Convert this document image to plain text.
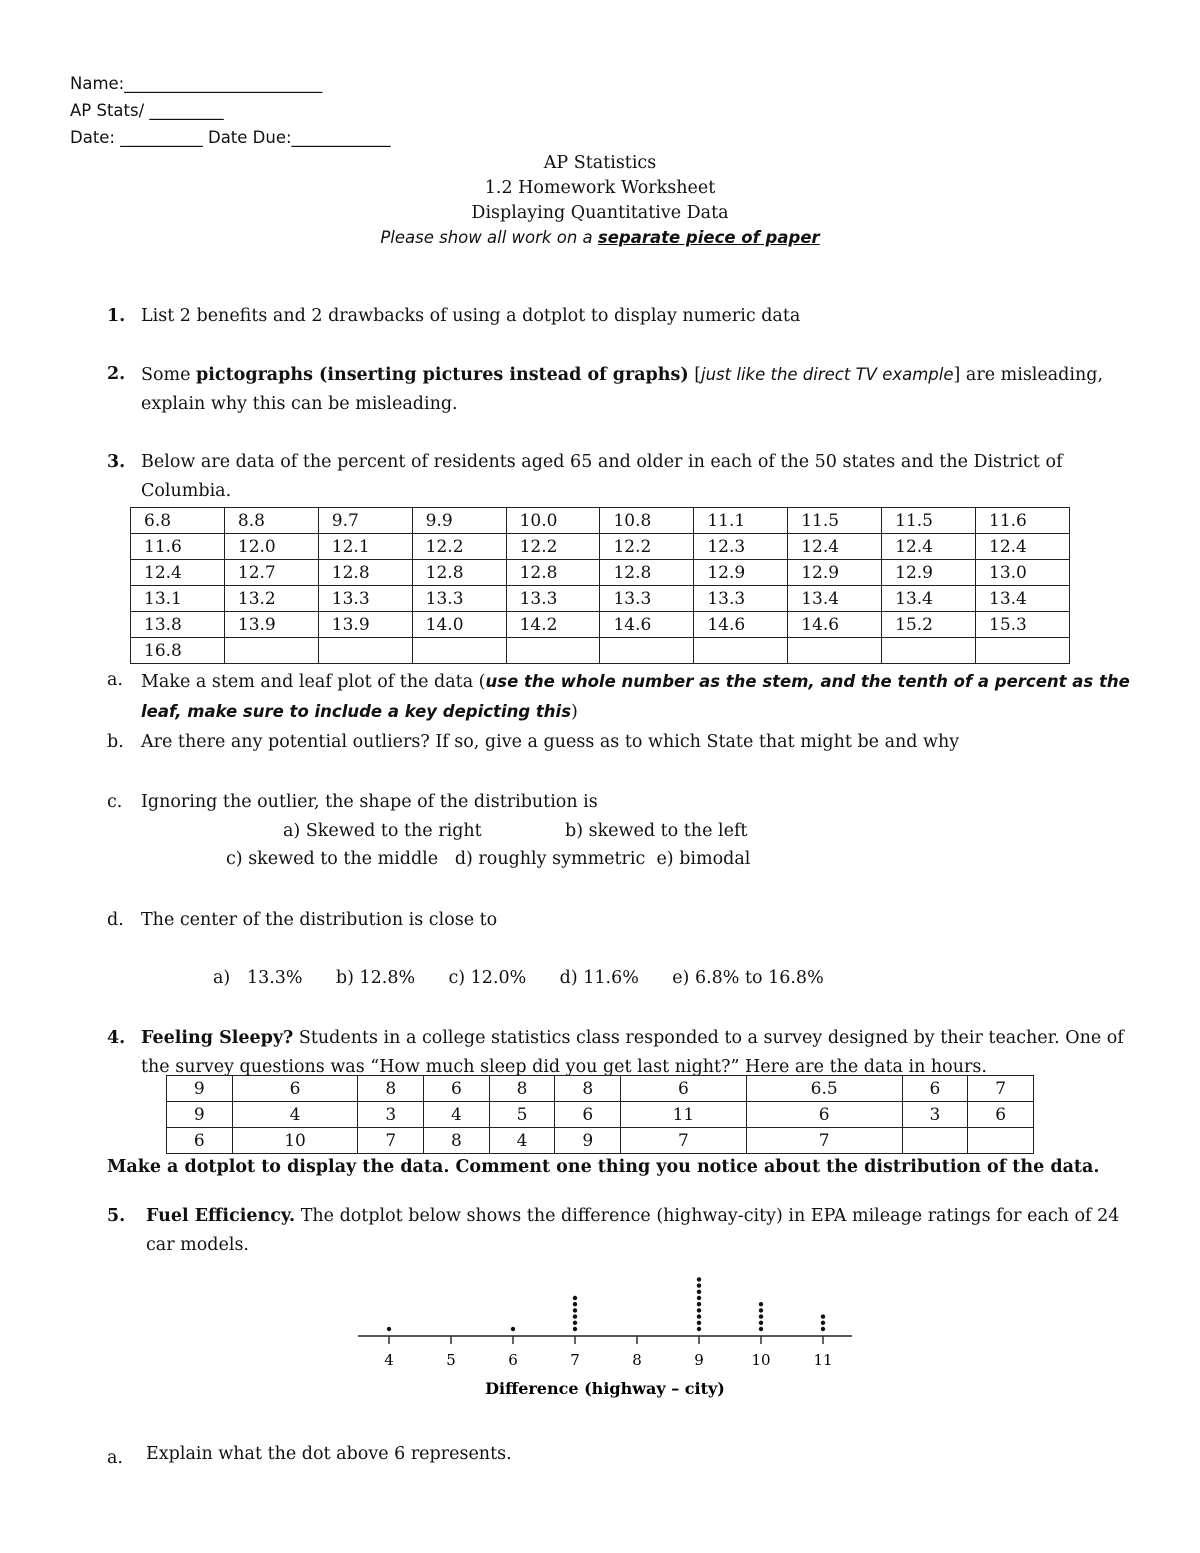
Name:________________________
AP Stats/ _________
Date: __________ Date Due:____________
AP Statistics
1.2 Homework Worksheet
Displaying Quantitative Data
Please show all work on a separate piece of paper
1. List 2 benefits and 2 drawbacks of using a dotplot to display numeric data
2. Some pictographs (inserting pictures instead of graphs) [just like the direct TV example] are misleading, explain why this can be misleading.
3. Below are data of the percent of residents aged 65 and older in each of the 50 states and the District of Columbia.
6.8	8.8	9.7	9.9	10.0	10.8	11.1	11.5	11.5	11.6
11.6	12.0	12.1	12.2	12.2	12.2	12.3	12.4	12.4	12.4
12.4	12.7	12.8	12.8	12.8	12.8	12.9	12.9	12.9	13.0
13.1	13.2	13.3	13.3	13.3	13.3	13.3	13.4	13.4	13.4
13.8	13.9	13.9	14.0	14.2	14.6	14.6	14.6	15.2	15.3
16.8									
a. Make a stem and leaf plot of the data (use the whole number as the stem, and the tenth of a percent as the leaf, make sure to include a key depicting this)
b. Are there any potential outliers? If so, give a guess as to which State that might be and why
c. Ignoring the outlier, the shape of the distribution is
a) Skewed to the right	b) skewed to the left
c) skewed to the middle   d) roughly symmetric  e) bimodal
d. The center of the distribution is close to
a)   13.3%      b) 12.8%      c) 12.0%      d) 11.6%      e) 6.8% to 16.8%
4. Feeling Sleepy? Students in a college statistics class responded to a survey designed by their teacher. One of the survey questions was “How much sleep did you get last night?” Here are the data in hours.
9	6	8	6	8	8	6	6.5	6	7
9	4	3	4	5	6	11	6	3	6
6	10	7	8	4	9	7	7		
Make a dotplot to display the data. Comment one thing you notice about the distribution of the data.
5. Fuel Efficiency. The dotplot below shows the difference (highway-city) in EPA mileage ratings for each of 24 car models.
4	5	6	7	8	9	10	11
Difference (highway – city)
a. Explain what the dot above 6 represents.
